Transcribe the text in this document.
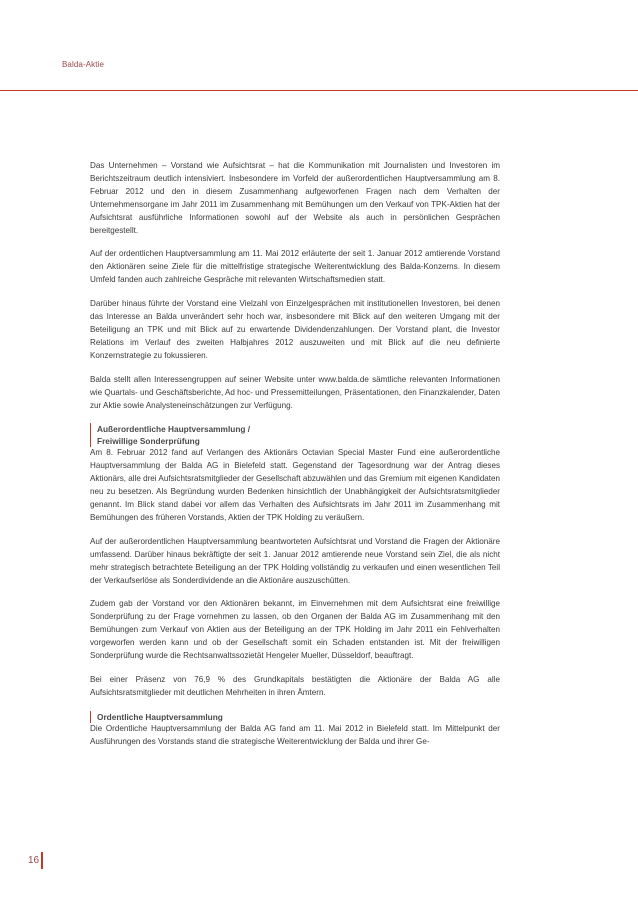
Balda-Aktie

Das Unternehmen – Vorstand wie Aufsichtsrat – hat die Kommunikation mit Journalisten und Investoren im Berichtszeitraum deutlich intensiviert. Insbesondere im Vorfeld der außerordentlichen Hauptversammlung am 8. Februar 2012 und den in diesem Zusammenhang aufgeworfenen Fragen nach dem Verhalten der Unternehmensorgane im Jahr 2011 im Zusammenhang mit Bemühungen um den Verkauf von TPK-Aktien hat der Aufsichtsrat ausführliche Informationen sowohl auf der Website als auch in persönlichen Gesprächen bereitgestellt.

Auf der ordentlichen Hauptversammlung am 11. Mai 2012 erläuterte der seit 1. Januar 2012 amtierende Vorstand den Aktionären seine Ziele für die mittelfristige strategische Weiterentwicklung des Balda-Konzerns. In diesem Umfeld fanden auch zahlreiche Gespräche mit relevanten Wirtschaftsmedien statt.

Darüber hinaus führte der Vorstand eine Vielzahl von Einzelgesprächen mit institutionellen Investoren, bei denen das Interesse an Balda unverändert sehr hoch war, insbesondere mit Blick auf den weiteren Umgang mit der Beteiligung an TPK und mit Blick auf zu erwartende Dividendenzahlungen. Der Vorstand plant, die Investor Relations im Verlauf des zweiten Halbjahres 2012 auszuweiten und mit Blick auf die neu definierte Konzernstrategie zu fokussieren.

Balda stellt allen Interessengruppen auf seiner Website unter www.balda.de sämtliche relevanten Informationen wie Quartals- und Geschäftsberichte, Ad hoc- und Pressemitteilungen, Präsentationen, den Finanzkalender, Daten zur Aktie sowie Analysteneinschätzungen zur Verfügung.

Außerordentliche Hauptversammlung /
Freiwillige Sonderprüfung

Am 8. Februar 2012 fand auf Verlangen des Aktionärs Octavian Special Master Fund eine außerordentliche Hauptversammlung der Balda AG in Bielefeld statt. Gegenstand der Tagesordnung war der Antrag dieses Aktionärs, alle drei Aufsichtsratsmitglieder der Gesellschaft abzuwählen und das Gremium mit eigenen Kandidaten neu zu besetzen. Als Begründung wurden Bedenken hinsichtlich der Unabhängigkeit der Aufsichtsratsmitglieder genannt. Im Blick stand dabei vor allem das Verhalten des Aufsichtsrats im Jahr 2011 im Zusammenhang mit Bemühungen des früheren Vorstands, Aktien der TPK Holding zu veräußern.

Auf der außerordentlichen Hauptversammlung beantworteten Aufsichtsrat und Vorstand die Fragen der Aktionäre umfassend. Darüber hinaus bekräftigte der seit 1. Januar 2012 amtierende neue Vorstand sein Ziel, die als nicht mehr strategisch betrachtete Beteiligung an der TPK Holding vollständig zu verkaufen und einen wesentlichen Teil der Verkaufserlöse als Sonderdividende an die Aktionäre auszuschütten.

Zudem gab der Vorstand vor den Aktionären bekannt, im Einvernehmen mit dem Aufsichtsrat eine freiwillige Sonderprüfung zu der Frage vornehmen zu lassen, ob den Organen der Balda AG im Zusammenhang mit den Bemühungen zum Verkauf von Aktien aus der Beteiligung an der TPK Holding im Jahr 2011 ein Fehlverhalten vorgeworfen werden kann und ob der Gesellschaft somit ein Schaden entstanden ist. Mit der freiwilligen Sonderprüfung wurde die Rechtsanwaltssozietät Hengeler Mueller, Düsseldorf, beauftragt.

Bei einer Präsenz von 76,9 % des Grundkapitals bestätigten die Aktionäre der Balda AG alle Aufsichtsratsmitglieder mit deutlichen Mehrheiten in ihren Ämtern.

Ordentliche Hauptversammlung

Die Ordentliche Hauptversammlung der Balda AG fand am 11. Mai 2012 in Bielefeld statt. Im Mittelpunkt der Ausführungen des Vorstands stand die strategische Weiterentwicklung der Balda und ihrer Ge-

16
